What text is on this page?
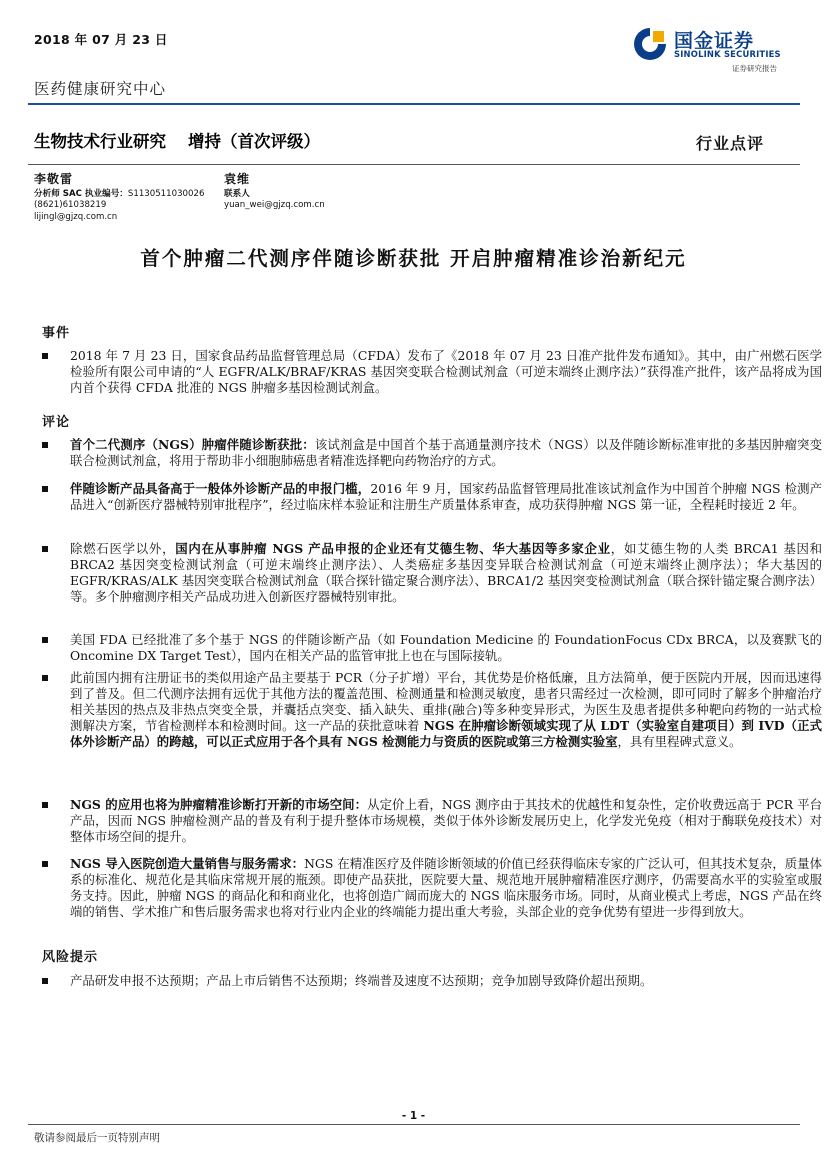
2018 年 07 月 23 日	国金证券
SINOLINK SECURITIES
证券研究报告
医药健康研究中心
生物技术行业研究 增持（首次评级）	行业点评
李敬雷
分析师 SAC 执业编号：S1130511030026
(8621)61038219
lijingl@gjzq.com.cn
袁维
联系人
yuan_wei@gjzq.com.cn
首个肿瘤二代测序伴随诊断获批 开启肿瘤精准诊治新纪元
事件
2018 年 7 月 23 日，国家食品药品监督管理总局（CFDA）发布了《2018 年 07 月 23 日准产批件发布通知》。其中，由广州燃石医学检验所有限公司申请的“人 EGFR/ALK/BRAF/KRAS 基因突变联合检测试剂盒（可逆末端终止测序法）”获得准产批件，该产品将成为国内首个获得 CFDA 批准的 NGS 肿瘤多基因检测试剂盒。
评论
首个二代测序（NGS）肿瘤伴随诊断获批：该试剂盒是中国首个基于高通量测序技术（NGS）以及伴随诊断标准审批的多基因肿瘤突变联合检测试剂盒，将用于帮助非小细胞肺癌患者精准选择靶向药物治疗的方式。
伴随诊断产品具备高于一般体外诊断产品的申报门槛，2016 年 9 月，国家药品监督管理局批准该试剂盒作为中国首个肿瘤 NGS 检测产品进入“创新医疗器械特别审批程序”，经过临床样本验证和注册生产质量体系审查，成功获得肿瘤 NGS 第一证，全程耗时接近 2 年。
除燃石医学以外，国内在从事肿瘤 NGS 产品申报的企业还有艾德生物、华大基因等多家企业，如艾德生物的人类 BRCA1 基因和 BRCA2 基因突变检测试剂盒（可逆末端终止测序法）、人类癌症多基因变异联合检测试剂盒（可逆末端终止测序法）；华大基因的 EGFR/KRAS/ALK 基因突变联合检测试剂盒（联合探针锚定聚合测序法）、BRCA1/2 基因突变检测试剂盒（联合探针锚定聚合测序法）等。多个肿瘤测序相关产品成功进入创新医疗器械特别审批。
美国 FDA 已经批准了多个基于 NGS 的伴随诊断产品（如 Foundation Medicine 的 FoundationFocus CDx BRCA，以及赛默飞的 Oncomine DX Target Test），国内在相关产品的监管审批上也在与国际接轨。
此前国内拥有注册证书的类似用途产品主要基于 PCR（分子扩增）平台，其优势是价格低廉，且方法简单，便于医院内开展，因而迅速得到了普及。但二代测序法拥有远优于其他方法的覆盖范围、检测通量和检测灵敏度，患者只需经过一次检测，即可同时了解多个肿瘤治疗相关基因的热点及非热点突变全景，并囊括点突变、插入缺失、重排(融合)等多种变异形式，为医生及患者提供多种靶向药物的一站式检测解决方案，节省检测样本和检测时间。这一产品的获批意味着 NGS 在肿瘤诊断领域实现了从 LDT（实验室自建项目）到 IVD（正式体外诊断产品）的跨越，可以正式应用于各个具有 NGS 检测能力与资质的医院或第三方检测实验室，具有里程碑式意义。
NGS 的应用也将为肿瘤精准诊断打开新的市场空间：从定价上看，NGS 测序由于其技术的优越性和复杂性，定价收费远高于 PCR 平台产品，因而 NGS 肿瘤检测产品的普及有利于提升整体市场规模，类似于体外诊断发展历史上，化学发光免疫（相对于酶联免疫技术）对整体市场空间的提升。
NGS 导入医院创造大量销售与服务需求：NGS 在精准医疗及伴随诊断领域的价值已经获得临床专家的广泛认可，但其技术复杂，质量体系的标准化、规范化是其临床常规开展的瓶颈。即使产品获批，医院要大量、规范地开展肿瘤精准医疗测序，仍需要高水平的实验室或服务支持。因此，肿瘤 NGS 的商品化和和商业化，也将创造广阔而庞大的 NGS 临床服务市场。同时，从商业模式上考虑，NGS 产品在终端的销售、学术推广和售后服务需求也将对行业内企业的终端能力提出重大考验，头部企业的竞争优势有望进一步得到放大。
风险提示
产品研发申报不达预期；产品上市后销售不达预期；终端普及速度不达预期；竞争加剧导致降价超出预期。
- 1 -
敬请参阅最后一页特别声明
